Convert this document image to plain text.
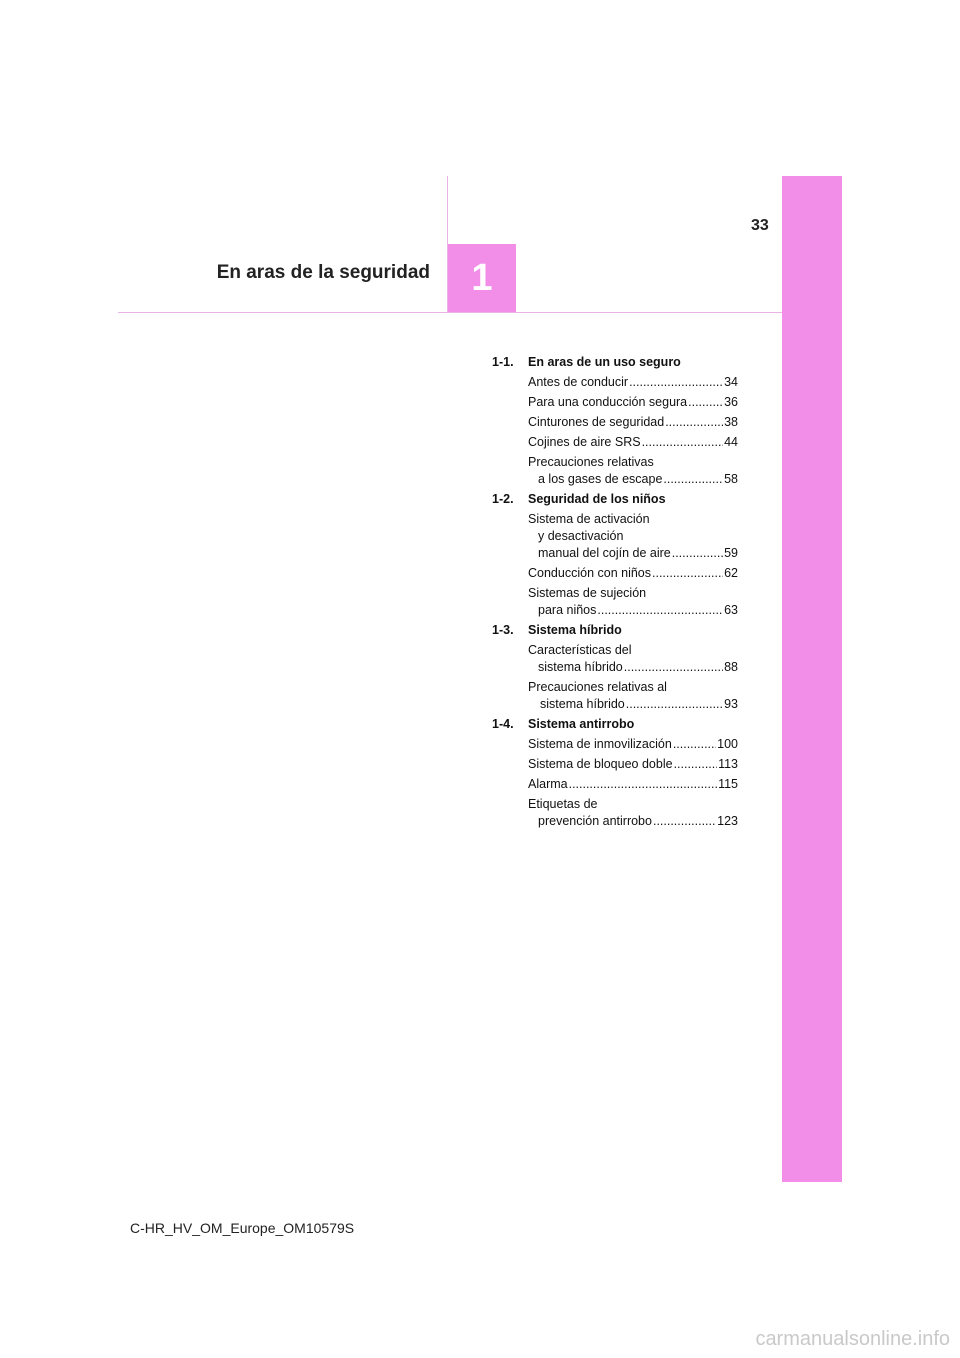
33
En aras de la seguridad 1
1-1.	En aras de un uso seguro
Antes de conducir .....	34
Para una conducción segura .....	36
Cinturones de seguridad .....	38
Cojines de aire SRS .....	44
Precauciones relativas
a los gases de escape .....	58
1-2.	Seguridad de los niños
Sistema de activación
y desactivación
manual del cojín de aire .....	59
Conducción con niños .....	62
Sistemas de sujeción
para niños .....	63
1-3.	Sistema híbrido
Características del
sistema híbrido .....	88
Precauciones relativas al
sistema híbrido .....	93
1-4.	Sistema antirrobo
Sistema de inmovilización .....	100
Sistema de bloqueo doble .....	113
Alarma .....	115
Etiquetas de
prevención antirrobo .....	123
C-HR_HV_OM_Europe_OM10579S
carmanualsonline.info
